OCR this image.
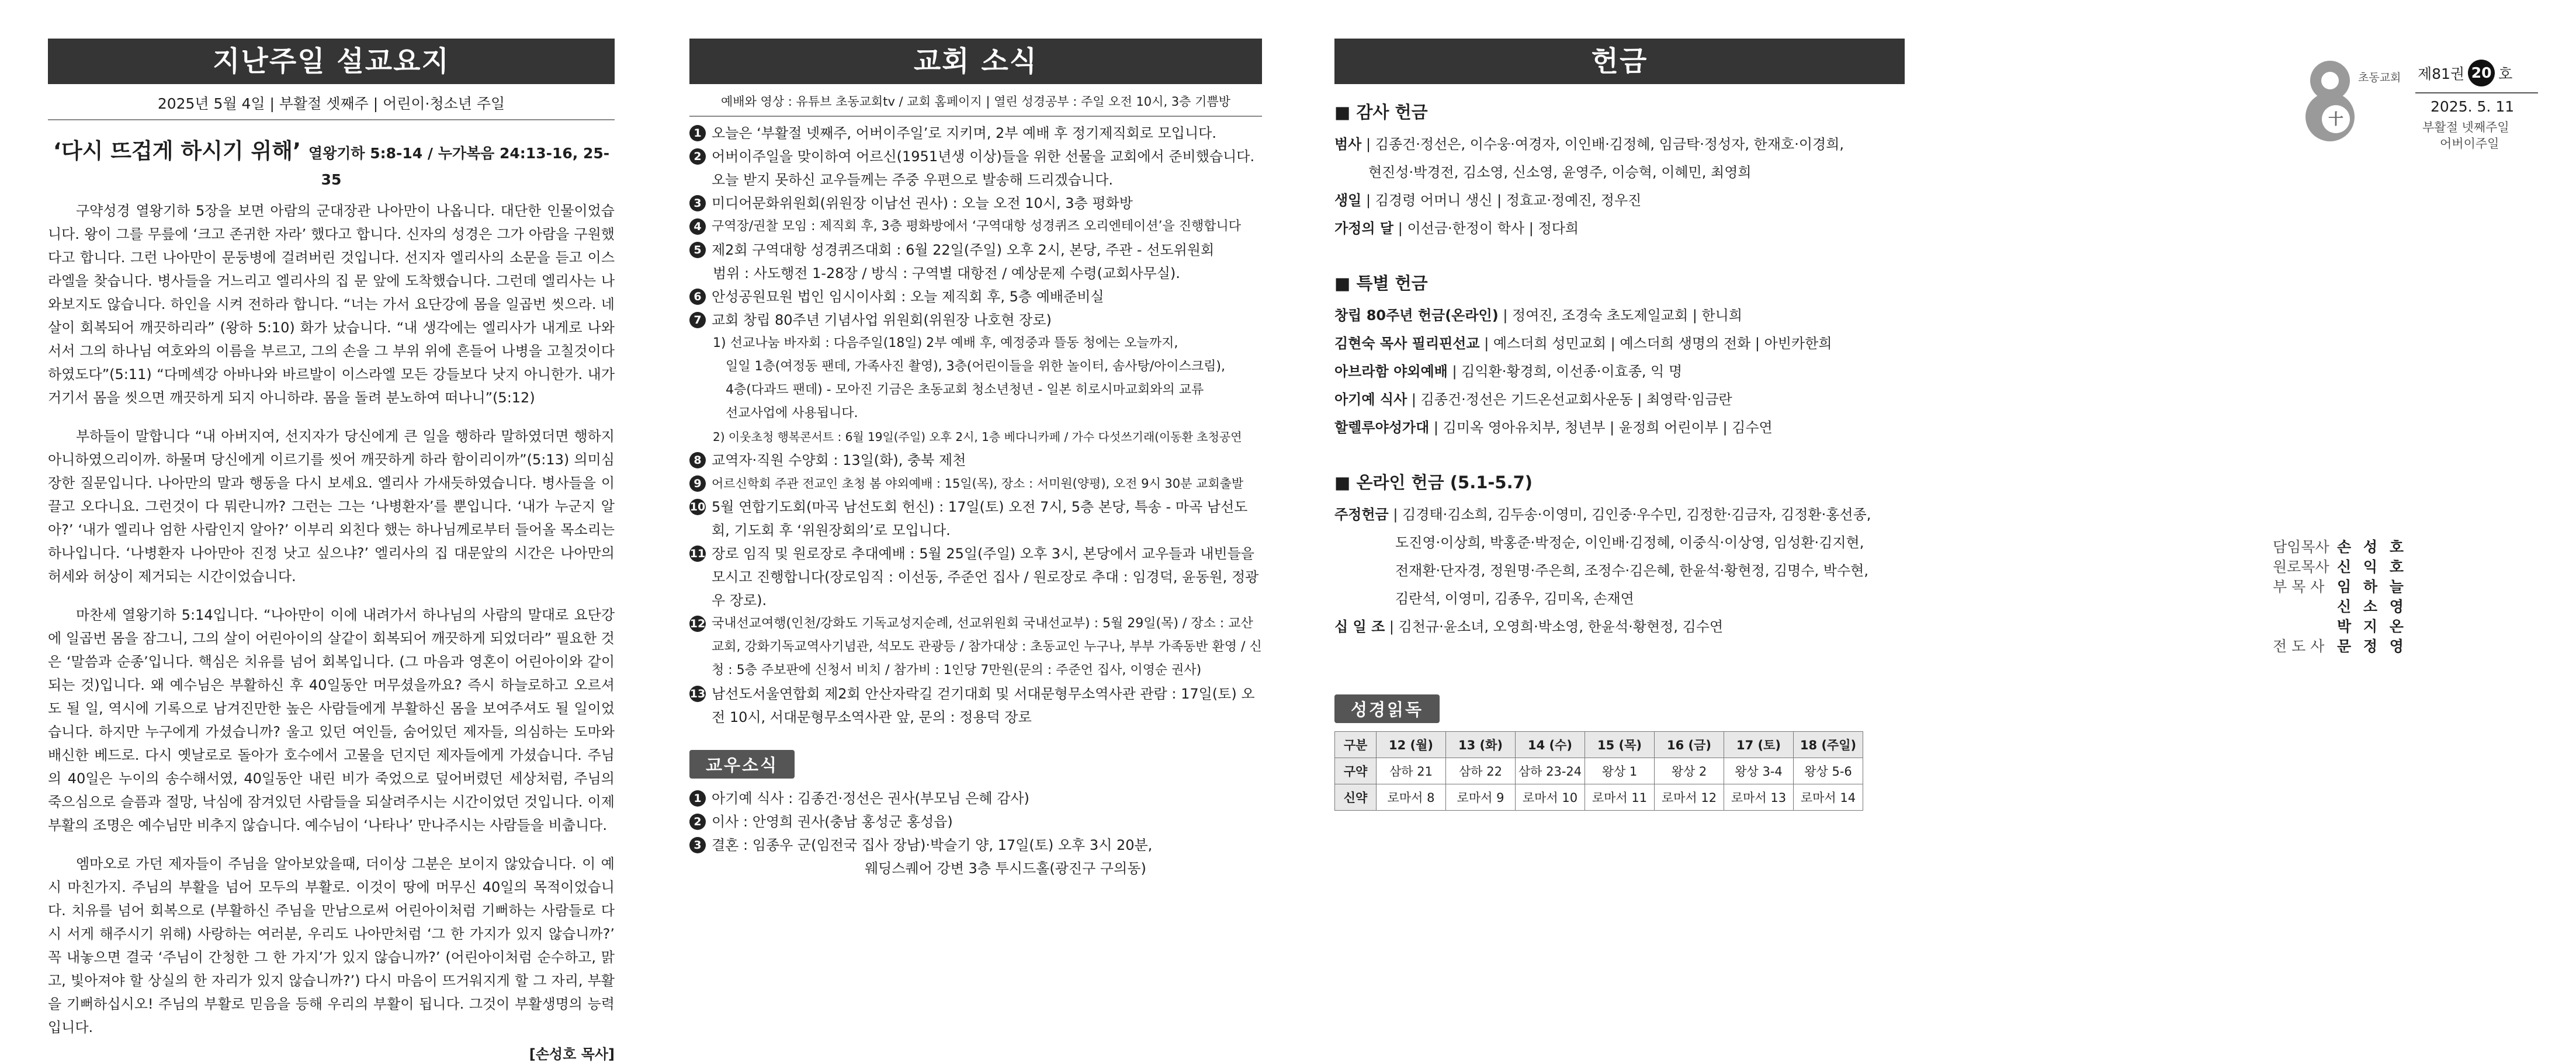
지난주일 설교요지
2025년 5월 4일 | 부활절 셋째주 | 어린이·청소년 주일
‘다시 뜨겁게 하시기 위해’ 열왕기하 5:8-14 / 누가복음 24:13-16, 25-35

구약성경 열왕기하 5장을 보면 아람의 군대장관 나아만이 나옵니다. 대단한 인물이었습니다. 왕이 그를 무릎에 ‘크고 존귀한 자라’ 했다고 합니다. 신자의 성경은 그가 아람을 구원했다고 합니다. 그런 나아만이 문둥병에 걸려버린 것입니다. 선지자 엘리사의 소문을 듣고 이스라엘을 찾습니다. 병사들을 거느리고 엘리사의 집 문 앞에 도착했습니다. 그런데 엘리사는 나와보지도 않습니다. 하인을 시켜 전하라 합니다. “너는 가서 요단강에 몸을 일곱번 씻으라. 네 살이 회복되어 깨끗하리라” (왕하 5:10) 화가 났습니다. “내 생각에는 엘리사가 내게로 나와 서서 그의 하나님 여호와의 이름을 부르고, 그의 손을 그 부위 위에 흔들어 나병을 고칠것이다 하였도다”(5:11) “다메섹강 아바나와 바르발이 이스라엘 모든 강들보다 낫지 아니한가. 내가 거기서 몸을 씻으면 깨끗하게 되지 아니하랴. 몸을 돌려 분노하여 떠나니”(5:12)

부하들이 말합니다 “내 아버지여, 선지자가 당신에게 큰 일을 행하라 말하였더면 행하지 아니하였으리이까. 하물며 당신에게 이르기를 씻어 깨끗하게 하라 함이리이까”(5:13) 의미심장한 질문입니다. 나아만의 말과 행동을 다시 보세요. 엘리사 가새듯하였습니다. 병사들을 이끌고 오다니요. 그런것이 다 뭐란니까? 그런는 그는 ‘나병환자’를 뿐입니다. ‘내가 누군지 알아?’ ‘내가 엘리나 엄한 사람인지 알아?’ 이부리 외친다 했는 하나님께로부터 들어올 목소리는 하나입니다. ‘나병환자 나아만아 진정 낫고 싶으냐?’ 엘리사의 집 대문앞의 시간은 나아만의 허세와 허상이 제거되는 시간이었습니다.

마찬세 열왕기하 5:14입니다. “나아만이 이에 내려가서 하나님의 사람의 말대로 요단강에 일곱번 몸을 잠그니, 그의 살이 어린아이의 살같이 회복되어 깨끗하게 되었더라” 필요한 것은 ‘말씀과 순종’입니다. 핵심은 치유를 넘어 회복입니다. (그 마음과 영혼이 어린아이와 같이 되는 것)입니다. 왜 예수님은 부활하신 후 40일동안 머무셨을까요? 즉시 하늘로하고 오르셔도 될 일, 역시에 기록으로 남겨진만한 높은 사람들에게 부활하신 몸을 보여주셔도 될 일이었습니다. 하지만 누구에게 가셨습니까? 울고 있던 여인들, 숨어있던 제자들, 의심하는 도마와 배신한 베드로. 다시 옛날로로 돌아가 호수에서 고물을 던지던 제자들에게 가셨습니다. 주님의 40일은 누이의 송수해서였, 40일동안 내린 비가 죽었으로 덮어버렸던 세상처럼, 주님의 죽으심으로 슬픔과 절망, 낙심에 잠겨있던 사람들을 되살려주시는 시간이었던 것입니다. 이제 부활의 조명은 예수님만 비추지 않습니다. 예수님이 ‘나타나’ 만나주시는 사람들을 비춥니다.

엠마오로 가던 제자들이 주님을 알아보았을때, 더이상 그분은 보이지 않았습니다. 이 예시 마친가지. 주님의 부활을 넘어 모두의 부활로. 이것이 땅에 머무신 40일의 목적이었습니다. 치유를 넘어 회복으로 (부활하신 주님을 만남으로써 어린아이처럼 기뻐하는 사람들로 다시 서게 해주시기 위해) 사랑하는 여러분, 우리도 나아만처럼 ‘그 한 가지가 있지 않습니까?’ 꼭 내놓으면 결국 ‘주님이 간청한 그 한 가지’가 있지 않습니까?’ (어린아이처럼 순수하고, 맑고, 빛아져야 할 상실의 한 자리가 있지 않습니까?’) 다시 마음이 뜨거워지게 할 그 자리, 부활을 기뻐하십시오! 주님의 부활로 믿음을 등해 우리의 부활이 됩니다. 그것이 부활생명의 능력입니다.

[손성호 목사]
교회 소식
예배와 영상 : 유튜브 초동교회tv / 교회 홈페이지 | 열린 성경공부 : 주일 오전 10시, 3층 기쁨방
1 오늘은 ‘부활절 넷째주, 어버이주일’로 지키며, 2부 예배 후 정기제직회로 모입니다.
2 어버이주일을 맞이하여 어르신(1951년생 이상)들을 위한 선물을 교회에서 준비했습니다. 오늘 받지 못하신 교우들께는 주중 우편으로 발송해 드리겠습니다.
3 미디어문화위원회(위원장 이남선 권사) : 오늘 오전 10시, 3층 평화방
4 구역장/권찰 모임 : 제직회 후, 3층 평화방에서 ‘구역대항 성경퀴즈 오리엔테이션’을 진행합니다
5 제2회 구역대항 성경퀴즈대회 : 6월 22일(주일) 오후 2시, 본당, 주관 - 선도위원회
범위 : 사도행전 1-28장 / 방식 : 구역별 대항전 / 예상문제 수령(교회사무실).
6 안성공원묘원 법인 임시이사회 : 오늘 제직회 후, 5층 예배준비실
7 교회 창립 80주년 기념사업 위원회(위원장 나호현 장로)
1) 선교나눔 바자회 : 다음주일(18일) 2부 예배 후, 예정중과 뜰동 청에는 오늘까지,
일일 1층(여정동 팬데, 가족사진 촬영), 3층(어린이들을 위한 놀이터, 솜사탕/아이스크림),
4층(다과드 팬데) - 모아진 기금은 초동교회 청소년청년 - 일본 히로시마교회와의 교류
선교사업에 사용됩니다.
2) 이웃초청 행복콘서트 : 6월 19일(주일) 오후 2시, 1층 베다니카페 / 가수 다섯쓰기래(이동환 초청공연
8 교역자·직원 수양회 : 13일(화), 충북 제천
9 어르신학회 주관 전교인 초청 봄 야외예배 : 15일(목), 장소 : 서미원(양평), 오전 9시 30분 교회출발
10 5월 연합기도회(마곡 남선도회 헌신) : 17일(토) 오전 7시, 5층 본당, 특송 - 마곡 남선도회, 기도회 후 ‘위원장회의’로 모입니다.
11 장로 임직 및 원로장로 추대예배 : 5월 25일(주일) 오후 3시, 본당에서 교우들과 내빈들을 모시고 진행합니다(장로임직 : 이선동, 주준언 집사 / 원로장로 추대 : 임경덕, 윤동원, 정광우 장로).
12 국내선교여행(인천/강화도 기독교성지순례, 선교위원회 국내선교부) : 5월 29일(목) / 장소 : 교산교회, 강화기독교역사기념관, 석모도 관광등 / 참가대상 : 초동교인 누구나, 부부 가족동반 환영 / 신청 : 5층 주보판에 신청서 비치 / 참가비 : 1인당 7만원(문의 : 주준언 집사, 이영순 권사)
13 남선도서울연합회 제2회 안산자락길 걷기대회 및 서대문형무소역사관 관람 : 17일(토) 오전 10시, 서대문형무소역사관 앞, 문의 : 정용덕 장로
교우소식
1 아기예 식사 : 김종건·정선은 권사(부모님 은혜 감사)
2 이사 : 안영희 권사(충남 홍성군 홍성읍)
3 결혼 : 임종우 군(임전국 집사 장남)·박슬기 양, 17일(토) 오후 3시 20분,
웨딩스퀘어 강변 3층 투시드홀(광진구 구의동)
헌금
■ 감사 헌금
범사 | 김종건·정선은, 이수웅·여경자, 이인배·김정혜, 임금탁·정성자, 한재호·이경희,
현진성·박경전, 김소영, 신소영, 윤영주, 이승혁, 이혜민, 최영희
생일 | 김경령 어머니 생신 | 정효교·정예진, 정우진
가정의 달 | 이선금·한정이 학사 | 정다희
■ 특별 헌금
창립 80주년 헌금(온라인) | 정여진, 조경숙 초도제일교회 | 한니희
김현숙 목사 필리핀선교 | 예스더희 성민교회 | 예스더희 생명의 전화 | 아빈카한희
아브라함 야외예배 | 김익환·황경희, 이선종·이효종, 익 명
아기예 식사 | 김종건·정선은 기드온선교회사운동 | 최영락·임금란
할렐루야성가대 | 김미옥 영아유치부, 청년부 | 윤정희 어린이부 | 김수연
■ 온라인 헌금 (5.1-5.7)
주정헌금 | 김경태·김소희, 김두송·이영미, 김인중·우수민, 김정한·김금자, 김정환·홍선종,
도진영·이상희, 박홍준·박정순, 이인배·김정혜, 이중식·이상영, 임성환·김지현,
전재환·단자경, 정원명·주은희, 조정수·김은혜, 한윤석·황현정, 김명수, 박수현,
김란석, 이영미, 김종우, 김미옥, 손재연
십 일 조 | 김천규·윤소녀, 오영희·박소영, 한윤석·황현정, 김수연
성경읽독
구분	12 (월)	13 (화)	14 (수)	15 (목)	16 (금)	17 (토)	18 (주일)
구약	삼하 21	삼하 22	삼하 23-24	왕상 1	왕상 2	왕상 3-4	왕상 5-6
신약	로마서 8	로마서 9	로마서 10	로마서 11	로마서 12	로마서 13	로마서 14
十
초동교회 제81권 20 호
2025. 5. 11
부활절 넷째주일
어버이주일
담임목사 손 성 호
원로목사 신 익 호
부 목 사 임 하 늘
신 소 영
박 지 온
전 도 사 문 정 영
